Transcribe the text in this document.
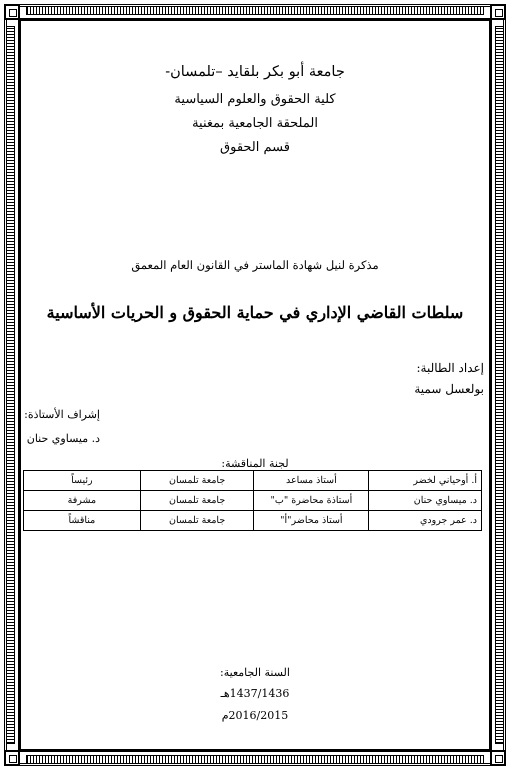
جامعة أبو بكر بلقايد –تلمسان-
كلية الحقوق والعلوم السياسية
الملحقة الجامعية بمغنية
قسم الحقوق
مذكرة لنيل شهادة الماستر في القانون العام المعمق
سلطات القاضي الإداري في حماية الحقوق و الحريات الأساسية
إعداد الطالبة:
بولعسل سمية
إشراف الأستاذة:
د. ميساوي حنان
لجنة المناقشة:
أ. أوحياني لخضر	أستاذ مساعد	جامعة تلمسان	رئيساً
د. ميساوي حنان	أستاذة محاضرة "ب"	جامعة تلمسان	مشرفة
د. عمر جرودي	أستاذ محاضر"أ"	جامعة تلمسان	مناقشاً
السنة الجامعية:
1437/1436هـ
2016/2015م
